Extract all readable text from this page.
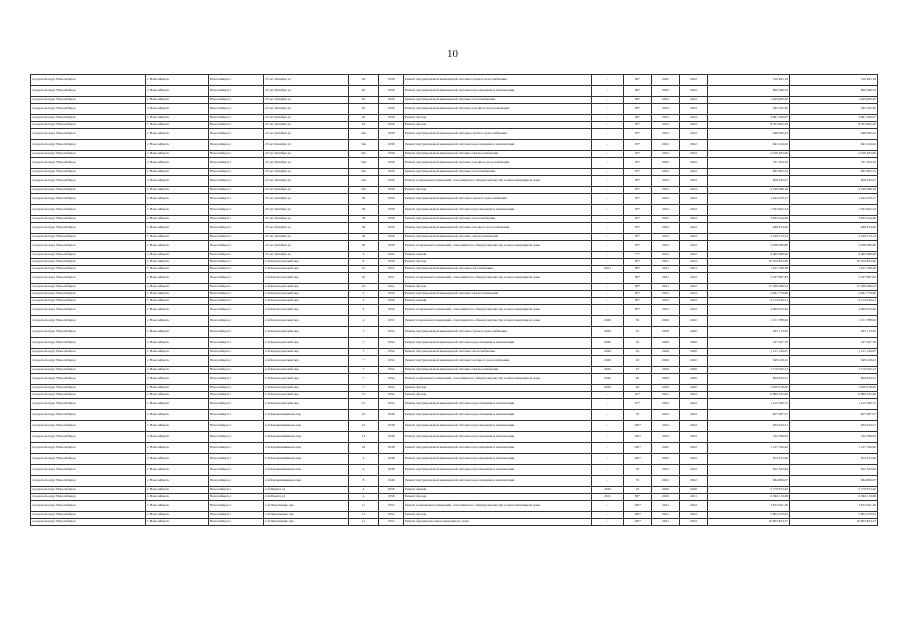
10
городской округ Новосибирск	г. Новосибирск	Новосибирск г	25 лет Октября ул	20	1958	Ремонт внутридомовой инженерной системы горячего водоснабжения	-	96*	2022	2022	519 465,18	519 465,18
городской округ Новосибирск	г. Новосибирск	Новосибирск г	25 лет Октября ул	20	1958	Ремонт внутридомовой инженерной системы водоотведения и канализации	-	96*	2022	2022	906 366,79	906 366,79
городской округ Новосибирск	г. Новосибирск	Новосибирск г	25 лет Октября ул	20	1958	Ремонт внутридомовой инженерной системы теплоснабжения	-	96*	2022	2022	1 629 960,40	1 629 960,40
городской округ Новосибирск	г. Новосибирск	Новосибирск г	25 лет Октября ул	20	1958	Ремонт внутридомовой инженерной системы холодного водоснабжения	-	96*	2022	2022	392 102,40	392 102,40
городской округ Новосибирск	г. Новосибирск	Новосибирск г	25 лет Октября ул	20	1958	Ремонт фасада	-	96*	2022	2022	4 981 399,07	4 981 399,07
городской округ Новосибирск	г. Новосибирск	Новосибирск г	25 лет Октября ул	24	1958	Ремонт фасада	-	95*	2022	2022	8 702 865,29	8 702 865,29
городской округ Новосибирск	г. Новосибирск	Новосибирск г	25 лет Октября ул	34а	1958	Ремонт внутридомовой инженерной системы горячего водоснабжения	-	95*	2022	2022	496 090,23	496 090,23
городской округ Новосибирск	г. Новосибирск	Новосибирск г	25 лет Октября ул	34а	1958	Ремонт внутридомовой инженерной системы водоотведения и канализации	-	95*	2022	2022	641 234,02	641 234,02
городской округ Новосибирск	г. Новосибирск	Новосибирск г	25 лет Октября ул	34а	1958	Ремонт внутридомовой инженерной системы электроснабжения	-	95*	2022	2022	2 106 493,90	2 106 493,90
городской округ Новосибирск	г. Новосибирск	Новосибирск г	25 лет Октября ул	34а	1958	Ремонт внутридомовой инженерной системы холодного водоснабжения	-	95*	2022	2022	331 394,16	331 394,16
городской округ Новосибирск	г. Новосибирск	Новосибирск г	25 лет Октября ул	34а	1958	Ремонт внутридомовой инженерной системы теплоснабжения	-	95*	2022	2022	965 693,54	965 693,54
городской округ Новосибирск	г. Новосибирск	Новосибирск г	25 лет Октября ул	34а	1958	Ремонт подвальных помещений, относящихся к общему имуществу в многоквартирном доме	-	95*	2022	2022	828 432,47	828 432,47
городской округ Новосибирск	г. Новосибирск	Новосибирск г	25 лет Октября ул	34а	1958	Ремонт фасада	-	95*	2022	2022	4 196 598,18	4 196 598,18
городской округ Новосибирск	г. Новосибирск	Новосибирск г	25 лет Октября ул	36	1958	Ремонт внутридомовой инженерной системы горячего водоснабжения	-	95*	2022	2022	1 222 479,17	1 222 479,17
городской округ Новосибирск	г. Новосибирск	Новосибирск г	25 лет Октября ул	36	1958	Ремонт внутридомовой инженерной системы водоотведения и канализации	-	95*	2022	2022	1 593 602,54	1 593 602,54
городской округ Новосибирск	г. Новосибирск	Новосибирск г	25 лет Октября ул	36	1958	Ремонт внутридомовой инженерной системы теплоснабжения	-	95*	2022	2022	3 825 024,66	3 825 024,66
городской округ Новосибирск	г. Новосибирск	Новосибирск г	25 лет Октября ул	36	1958	Ремонт внутридомовой инженерной системы холодного водоснабжения	-	95*	2022	2022	948 474,40	948 474,40
городской округ Новосибирск	г. Новосибирск	Новосибирск г	25 лет Октября ул	36	1958	Ремонт внутридомовой инженерной системы электроснабжения	-	95*	2022	2022	2 239 574,12	2 239 574,12
городской округ Новосибирск	г. Новосибирск	Новосибирск г	25 лет Октября ул	36	1958	Ремонт подвальных помещений, относящихся к общему имуществу в многоквартирном доме	-	95*	2022	2022	2 038 286,80	2 038 286,80
городской округ Новосибирск	г. Новосибирск	Новосибирск г	25 лет Октября ул	5	1954	Ремонт крыши	-	77*	2022	2022	6 485 988,00	6 485 988,00
городской округ Новосибирск	г. Новосибирск	Новосибирск г	2-й Краснодонский пер	8	1958	Ремонт фасада	-	85*	2021	2022	10 072 823,00	10 072 823,00
городской округ Новосибирск	г. Новосибирск	Новосибирск г	2-й Краснодонский пер	10	1951	Ремонт внутридомовой инженерной системы газоснабжения	2021	89*	2021	2021	1 451 748,38	1 451 748,38
городской округ Новосибирск	г. Новосибирск	Новосибирск г	2-й Краснодонский пер	10	1951	Ремонт подвальных помещений, относящихся к общему имуществу в многоквартирном доме	-	89*	2021	2022	5 227 997,83	5 227 997,83
городской округ Новосибирск	г. Новосибирск	Новосибирск г	2-й Краснодонский пер	10	1951	Ремонт фасада	-	89*	2021	2022	17 368 646,22	17 368 646,22
городской округ Новосибирск	г. Новосибирск	Новосибирск г	2-й Краснодонский пер	2	1956	Ремонт внутридомовой инженерной системы электроснабжения	-	85*	2022	2022	2 991 779,60	2 991 779,60
городской округ Новосибирск	г. Новосибирск	Новосибирск г	2-й Краснодонский пер	2	1956	Ремонт крыши	-	85*	2022	2022	9 114 016,21	9 114 016,21
городской округ Новосибирск	г. Новосибирск	Новосибирск г	2-й Краснодонский пер	2	1956	Ремонт подвальных помещений, относящихся к общему имуществу в многоквартирном доме	-	85*	2022	2022	2 069 055,62	2 069 055,62
городской округ Новосибирск	г. Новосибирск	Новосибирск г	2-й Краснодонский пер	4	1957	Ремонт подвальных помещений, относящихся к общему имуществу в многоквартирном доме	2020	36	2020	2020	1 151 788,92	1 151 788,92
городской округ Новосибирск	г. Новосибирск	Новосибирск г	2-й Краснодонский пер	7	1954	Ремонт внутридомовой инженерной системы горячего водоснабжения	2020	41	2020	2020	263 713,95	263 713,95
городской округ Новосибирск	г. Новосибирск	Новосибирск г	2-й Краснодонский пер	7	1954	Ремонт внутридомовой инженерной системы водоотведения и канализации	2020	43	2020	2020	327 207,76	327 207,76
городской округ Новосибирск	г. Новосибирск	Новосибирск г	2-й Краснодонский пер	7	1954	Ремонт внутридомовой инженерной системы теплоснабжения	2020	43	2020	2020	1 121 126,97	1 121 126,97
городской округ Новосибирск	г. Новосибирск	Новосибирск г	2-й Краснодонский пер	7	1954	Ремонт внутридомовой инженерной системы холодного водоснабжения	2020	43	2020	2020	348 128,21	348 128,21
городской округ Новосибирск	г. Новосибирск	Новосибирск г	2-й Краснодонский пер	7	1954	Ремонт внутридомовой инженерной системы электроснабжения	2020	47	2020	2020	1 176 922,13	1 176 922,13
городской округ Новосибирск	г. Новосибирск	Новосибирск г	2-й Краснодонский пер	7	1954	Ремонт подвальных помещений, относящихся к общему имуществу в многоквартирном доме	2020	40	2020	2020	826 634,37	826 634,37
городской округ Новосибирск	г. Новосибирск	Новосибирск г	2-й Краснодонский пер	7	1954	Ремонт фасада	2020	40	2020	2020	5 659 318,00	5 659 318,00
городской округ Новосибирск	г. Новосибирск	Новосибирск г	2-й Краснодонский пер	7/1	1954	Ремонт фасада	-	91*	2021	2022	6 988 552,99	6 988 552,99
городской округ Новосибирск	г. Новосибирск	Новосибирск г	2-й Краснодонский пер	7/1	1954	Ремонт внутридомовой инженерной системы водоотведения и канализации	-	91*	2022	2022	1 212 280,75	1 212 280,75
городской округ Новосибирск	г. Новосибирск	Новосибирск г	2-й Крашенинникова пер	10	1938	Ремонт внутридомовой инженерной системы водоотведения и канализации	-	70	2022	2022	657 067,57	657 067,57
городской округ Новосибирск	г. Новосибирск	Новосибирск г	2-й Крашенинникова пер	12	1938	Ремонт внутридомовой инженерной системы водоотведения и канализации	-	100*	2022	2022	634 023,51	634 023,51
городской округ Новосибирск	г. Новосибирск	Новосибирск г	2-й Крашенинникова пер	14	1938	Ремонт внутридомовой инженерной системы водоотведения и канализации	-	100*	2022	2022	734 789,64	734 789,64
городской округ Новосибирск	г. Новосибирск	Новосибирск г	2-й Крашенинникова пер	16	1938	Ремонт внутридомовой инженерной системы водоотведения и канализации	-	100*	2022	2022	1 317 540,62	1 317 540,62
городской округ Новосибирск	г. Новосибирск	Новосибирск г	2-й Крашенинникова пер	2	1938	Ремонт внутридомовой инженерной системы водоотведения и канализации	-	100*	2022	2022	614 313,08	614 313,08
городской округ Новосибирск	г. Новосибирск	Новосибирск г	2-й Крашенинникова пер	4	1938	Ремонт внутридомовой инженерной системы водоотведения и канализации	-	70	2022	2022	622 102,84	622 102,84
городской округ Новосибирск	г. Новосибирск	Новосибирск г	2-й Крашенинникова пер	8	1940	Ремонт внутридомовой инженерной системы водоотведения и канализации	-	70	2022	2022	904 869,07	904 869,07
городской округ Новосибирск	г. Новосибирск	Новосибирск г	2-й Марата ул	4	1958	Ремонт крыши	2020	43	2020	2020	5 179 873,62	5 179 873,62
городской округ Новосибирск	г. Новосибирск	Новосибирск г	2-й Марата ул	4	1958	Ремонт фасада	2021	89*	2020	2021	6 366 119,68	6 366 119,68
городской округ Новосибирск	г. Новосибирск	Новосибирск г	2-й Пархоменко пер	11	1952	Ремонт подвальных помещений, относящихся к общему имуществу в многоквартирном доме	-	100*	2021	2022	3 813 921,26	3 813 921,26
городской округ Новосибирск	г. Новосибирск	Новосибирск г	2-й Пархоменко пер	11	1952	Ремонт фасада	-	100*	2021	2022	5 604 979,63	5 604 979,63
городской округ Новосибирск	г. Новосибирск	Новосибирск г	2-й Пархоменко пер	11	1952	Ремонт фундамента многоквартирного дома	-	100*	2021	2022	10 603 854,57	10 603 854,57
